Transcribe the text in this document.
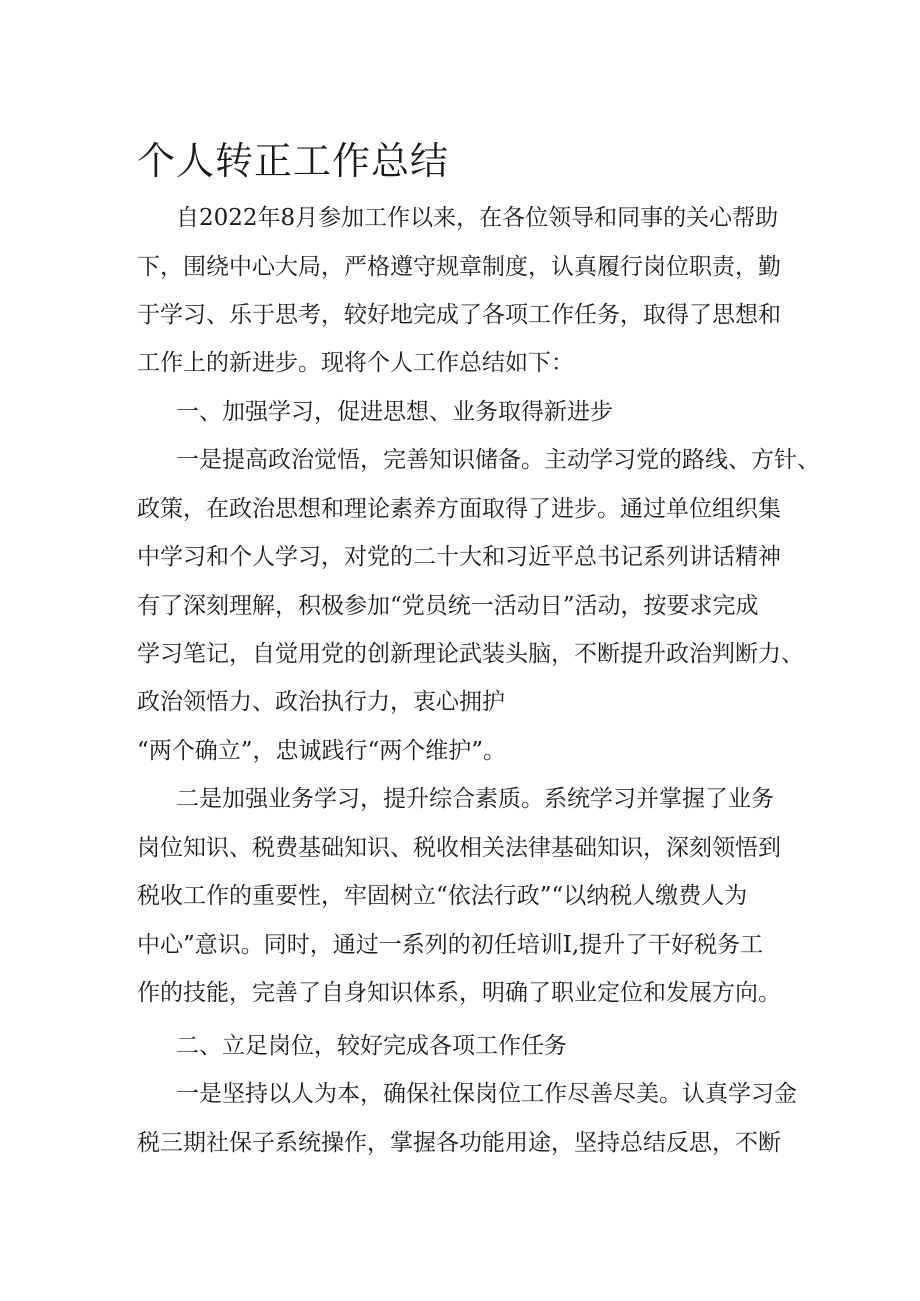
个人转正工作总结

自2022年8月参加工作以来，在各位领导和同事的关心帮助

下，围绕中心大局，严格遵守规章制度，认真履行岗位职责，勤

于学习、乐于思考，较好地完成了各项工作任务，取得了思想和

工作上的新进步。现将个人工作总结如下：

一、加强学习，促进思想、业务取得新进步

一是提高政治觉悟，完善知识储备。主动学习党的路线、方针、

政策，在政治思想和理论素养方面取得了进步。通过单位组织集

中学习和个人学习，对党的二十大和习近平总书记系列讲话精神

有了深刻理解，积极参加“党员统一活动日”活动，按要求完成

学习笔记，自觉用党的创新理论武装头脑，不断提升政治判断力、

政治领悟力、政治执行力，衷心拥护

“两个确立”，忠诚践行“两个维护”。

二是加强业务学习，提升综合素质。系统学习并掌握了业务

岗位知识、税费基础知识、税收相关法律基础知识，深刻领悟到

税收工作的重要性，牢固树立“依法行政”“以纳税人缴费人为

中心”意识。同时，通过一系列的初任培训I,提升了干好税务工

作的技能，完善了自身知识体系，明确了职业定位和发展方向。

二、立足岗位，较好完成各项工作任务

一是坚持以人为本，确保社保岗位工作尽善尽美。认真学习金

税三期社保子系统操作，掌握各功能用途，坚持总结反思，不断
